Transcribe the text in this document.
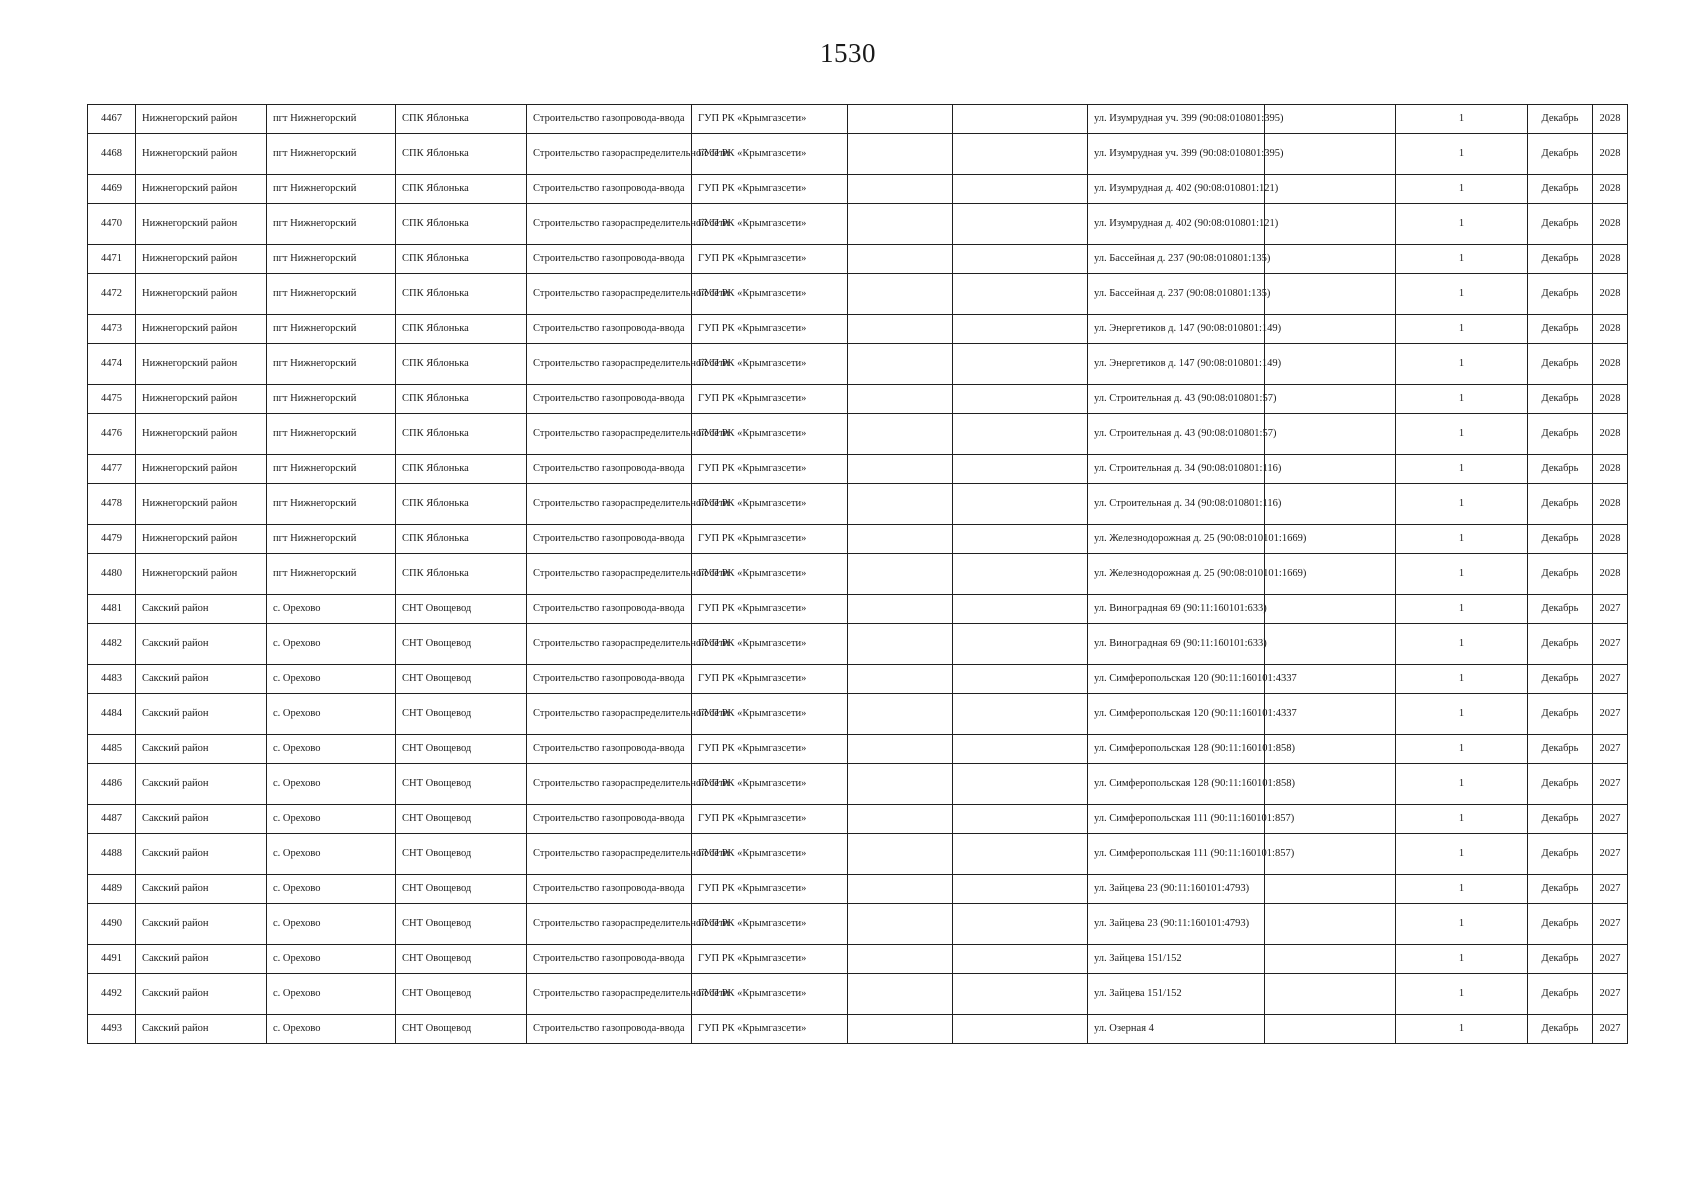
1530
4467	Нижнегорский район	пгт Нижнегорский	СПК Яблонька	Строительство газопровода-ввода	ГУП РК «Крымгазсети»			ул. Изумрудная уч. 399 (90:08:010801:395)		1	Декабрь	2028
4468	Нижнегорский район	пгт Нижнегорский	СПК Яблонька	Строительство газораспределительной сети	ГУП РК «Крымгазсети»			ул. Изумрудная уч. 399 (90:08:010801:395)		1	Декабрь	2028
4469	Нижнегорский район	пгт Нижнегорский	СПК Яблонька	Строительство газопровода-ввода	ГУП РК «Крымгазсети»			ул. Изумрудная д. 402 (90:08:010801:121)		1	Декабрь	2028
4470	Нижнегорский район	пгт Нижнегорский	СПК Яблонька	Строительство газораспределительной сети	ГУП РК «Крымгазсети»			ул. Изумрудная д. 402 (90:08:010801:121)		1	Декабрь	2028
4471	Нижнегорский район	пгт Нижнегорский	СПК Яблонька	Строительство газопровода-ввода	ГУП РК «Крымгазсети»			ул. Бассейная д. 237 (90:08:010801:135)		1	Декабрь	2028
4472	Нижнегорский район	пгт Нижнегорский	СПК Яблонька	Строительство газораспределительной сети	ГУП РК «Крымгазсети»			ул. Бассейная д. 237 (90:08:010801:135)		1	Декабрь	2028
4473	Нижнегорский район	пгт Нижнегорский	СПК Яблонька	Строительство газопровода-ввода	ГУП РК «Крымгазсети»			ул. Энергетиков д. 147 (90:08:010801:149)		1	Декабрь	2028
4474	Нижнегорский район	пгт Нижнегорский	СПК Яблонька	Строительство газораспределительной сети	ГУП РК «Крымгазсети»			ул. Энергетиков д. 147 (90:08:010801:149)		1	Декабрь	2028
4475	Нижнегорский район	пгт Нижнегорский	СПК Яблонька	Строительство газопровода-ввода	ГУП РК «Крымгазсети»			ул. Строительная д. 43 (90:08:010801:57)		1	Декабрь	2028
4476	Нижнегорский район	пгт Нижнегорский	СПК Яблонька	Строительство газораспределительной сети	ГУП РК «Крымгазсети»			ул. Строительная д. 43 (90:08:010801:57)		1	Декабрь	2028
4477	Нижнегорский район	пгт Нижнегорский	СПК Яблонька	Строительство газопровода-ввода	ГУП РК «Крымгазсети»			ул. Строительная д. 34 (90:08:010801:116)		1	Декабрь	2028
4478	Нижнегорский район	пгт Нижнегорский	СПК Яблонька	Строительство газораспределительной сети	ГУП РК «Крымгазсети»			ул. Строительная д. 34 (90:08:010801:116)		1	Декабрь	2028
4479	Нижнегорский район	пгт Нижнегорский	СПК Яблонька	Строительство газопровода-ввода	ГУП РК «Крымгазсети»			ул. Железнодорожная д. 25 (90:08:010101:1669)		1	Декабрь	2028
4480	Нижнегорский район	пгт Нижнегорский	СПК Яблонька	Строительство газораспределительной сети	ГУП РК «Крымгазсети»			ул. Железнодорожная д. 25 (90:08:010101:1669)		1	Декабрь	2028
4481	Сакский район	с. Орехово	СНТ Овощевод	Строительство газопровода-ввода	ГУП РК «Крымгазсети»			ул. Виноградная 69 (90:11:160101:633)		1	Декабрь	2027
4482	Сакский район	с. Орехово	СНТ Овощевод	Строительство газораспределительной сети	ГУП РК «Крымгазсети»			ул. Виноградная 69 (90:11:160101:633)		1	Декабрь	2027
4483	Сакский район	с. Орехово	СНТ Овощевод	Строительство газопровода-ввода	ГУП РК «Крымгазсети»			ул. Симферопольская 120 (90:11:160101:4337		1	Декабрь	2027
4484	Сакский район	с. Орехово	СНТ Овощевод	Строительство газораспределительной сети	ГУП РК «Крымгазсети»			ул. Симферопольская 120 (90:11:160101:4337		1	Декабрь	2027
4485	Сакский район	с. Орехово	СНТ Овощевод	Строительство газопровода-ввода	ГУП РК «Крымгазсети»			ул. Симферопольская 128 (90:11:160101:858)		1	Декабрь	2027
4486	Сакский район	с. Орехово	СНТ Овощевод	Строительство газораспределительной сети	ГУП РК «Крымгазсети»			ул. Симферопольская 128 (90:11:160101:858)		1	Декабрь	2027
4487	Сакский район	с. Орехово	СНТ Овощевод	Строительство газопровода-ввода	ГУП РК «Крымгазсети»			ул. Симферопольская 111 (90:11:160101:857)		1	Декабрь	2027
4488	Сакский район	с. Орехово	СНТ Овощевод	Строительство газораспределительной сети	ГУП РК «Крымгазсети»			ул. Симферопольская 111 (90:11:160101:857)		1	Декабрь	2027
4489	Сакский район	с. Орехово	СНТ Овощевод	Строительство газопровода-ввода	ГУП РК «Крымгазсети»			ул. Зайцева 23 (90:11:160101:4793)		1	Декабрь	2027
4490	Сакский район	с. Орехово	СНТ Овощевод	Строительство газораспределительной сети	ГУП РК «Крымгазсети»			ул. Зайцева 23 (90:11:160101:4793)		1	Декабрь	2027
4491	Сакский район	с. Орехово	СНТ Овощевод	Строительство газопровода-ввода	ГУП РК «Крымгазсети»			ул. Зайцева 151/152		1	Декабрь	2027
4492	Сакский район	с. Орехово	СНТ Овощевод	Строительство газораспределительной сети	ГУП РК «Крымгазсети»			ул. Зайцева 151/152		1	Декабрь	2027
4493	Сакский район	с. Орехово	СНТ Овощевод	Строительство газопровода-ввода	ГУП РК «Крымгазсети»			ул. Озерная 4		1	Декабрь	2027
